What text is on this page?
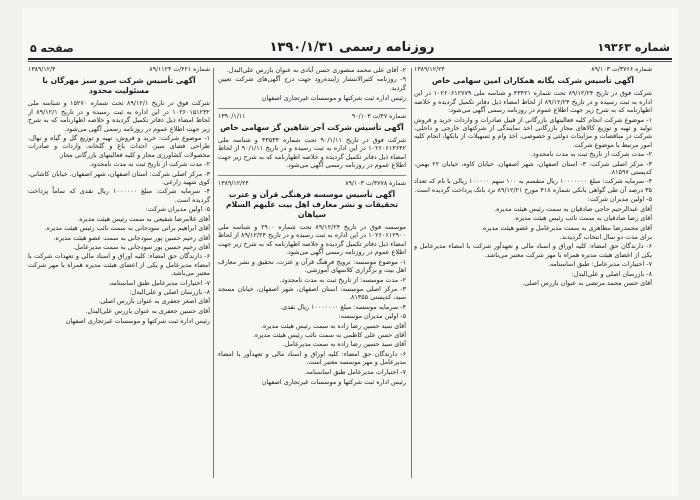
صفحه ۵	روزنامه رسمی ۱۳۹۰/۱/۳۱	شماره ۱۹۳۶۳
شماره ۳۷۶۶/ت ۸۹/۱۰۳
۱۳۸۹/۱۲/۲۴
آگهی تأسیس شرکت یگانه همکاران امین سهامی خاص

شرکت فوق در تاریخ ۸۹/۱۲/۲۴ تحت شماره ۴۳۴۲۱ و شناسه ملی ۱۰۲۶۰۶۱۲۷۷۹ در این اداره به ثبت رسیده و در تاریخ ۸۹/۱۲/۲۴ از لحاظ امضاء ذیل دفاتر تکمیل گردیده و خلاصه اظهارنامه که به شرح زیر جهت اطلاع عموم در روزنامه رسمی آگهی می‌شود:

۱- موضوع شرکت انجام کلیه فعالیتهای بازرگانی از قبیل صادرات و واردات خرید و فروش تولید و تهیه و توزیع کالاهای مجاز بازرگانی اخذ نمایندگی از شرکتهای خارجی و داخلی، شرکت در مناقصات و مزایدات دولتی و خصوصی، اخذ وام و تسهیلات از بانکها، انجام کلیه امور مرتبط با موضوع شرکت.

۲- مدت شرکت از تاریخ ثبت به مدت نامحدود.

۳- مرکز اصلی شرکت: ۳- استان اصفهان، شهر اصفهان، خیابان کاوه، خیابان ۲۲ بهمن، کدپستی ۸۱۵۹۷.

۴- سرمایه شرکت: مبلغ ۱۰۰۰۰۰۰۰ ریال منقسم به ۱۰۰ سهم ۱۰۰۰۰۰ ریالی با نام که تعداد ۳۵ درصد آن طی گواهی بانکی شماره ۴۱۸ مورخ ۸۹/۱۲/۲۱ نزد بانک پرداخت گردیده است.

۵- اولین مدیران شرکت:

آقای عبدالرحیم حاجی صادقیان به سمت رئیس هیئت مدیره.

آقای رضا صادقیان به سمت نائب رئیس هیئت مدیره.

آقای محمدرضا مظاهری به سمت مدیرعامل و عضو هیئت مدیره.

برای مدت دو سال انتخاب گردیدند.

۶- دارندگان حق امضاء: کلیه اوراق و اسناد مالی و تعهدآور شرکت با امضاء مدیرعامل و یکی از اعضای هیئت مدیره همراه با مهر شرکت معتبر می‌باشد.

۷- اختیارات مدیرعامل: طبق اساسنامه.

۸- بازرسان اصلی و علی‌البدل:

آقای حسن محمد مرتضی به عنوان بازرس اصلی.

۲- آقای علی محمد منصوری حسن آبادی به عنوان بازرس علی‌البدل.

۹- روزنامه کثیرالانتشار زاینده‌رود جهت درج آگهی‌های شرکت تعیین گردید.

رئیس اداره ثبت شرکتها و موسسات غیرتجاری اصفهان

شماره ۴۷/ت ۹۰/۱۰۳
۱۳۹۰/۱/۱۱
آگهی تأسیس شرکت آجر شاهین گز سهامی خاص

شرکت فوق در تاریخ ۹۰/۱/۱۱ تحت شماره ۴۳۵۳۴ و شناسه ملی ۱۰۲۶۰۶۱۳۶۴۲ در این اداره به ثبت رسیده و در تاریخ ۹۰/۱/۱۱ از لحاظ امضاء ذیل دفاتر تکمیل گردیده و خلاصه اظهارنامه که به شرح زیر جهت اطلاع عموم در روزنامه رسمی آگهی می‌شود.

شماره ۴۷۷۸/ت ۸۹/۱۰۳
۱۳۸۹/۱۲/۲۴
آگهی تأسیس موسسه فرهنگی قرآن و عترت تحقیقات و نشر معارف اهل بیت علیهم السلام سپاهان

موسسه فوق در تاریخ ۸۹/۱۲/۲۴ تحت شماره ۲۹۰۰ و شناسه ملی ۱۰۲۶۰۶۱۲۹۰۰ در این اداره به ثبت رسیده و در تاریخ ۸۹/۱۲/۲۴ از لحاظ امضاء ذیل دفاتر تکمیل گردیده و خلاصه اظهارنامه که به شرح زیر جهت اطلاع عموم در روزنامه رسمی آگهی می‌شود.

۱- موضوع موسسه: ترویج فرهنگ قرآن و عترت، تحقیق و نشر معارف اهل بیت و برگزاری کلاسهای آموزشی.

۲- مدت موسسه: از تاریخ ثبت به مدت نامحدود.

۳- مرکز اصلی موسسه: استان اصفهان، شهر اصفهان، خیابان مسجد سید، کدپستی ۸۱۳۵۵.

۴- سرمایه موسسه: مبلغ ۱۰۰۰۰۰۰۰ ریال نقدی.

۵- اولین مدیران موسسه:

آقای سید حسین رضا زاده به سمت رئیس هیئت مدیره.

آقای حسن علی کاظمی به سمت نائب رئیس هیئت مدیره.

آقای سید حسین رضا زاده به سمت مدیرعامل.

۶- دارندگان حق امضاء: کلیه اوراق و اسناد مالی و تعهدآور با امضاء مدیرعامل و مهر موسسه معتبر است.

۷- اختیارات مدیرعامل طبق اساسنامه.

رئیس اداره ثبت شرکتها و موسسات غیرتجاری اصفهان

شماره ۴۲۱/ت ۸۹/۱۱۲۳
۱۳۸۹/۱۲/۴
آگهی تأسیس شرکت سرو سبز مهرگان با مسئولیت محدود

شرکت فوق در تاریخ ۸۹/۱۲/۱ تحت شماره ۱۵۲۷۰ و شناسه ملی ۱۰۲۶۰۱۵۱۲۳۲ در این اداره به ثبت رسیده و در تاریخ ۸۹/۱۲/۱ از لحاظ امضاء ذیل دفاتر تکمیل گردیده و خلاصه اظهارنامه که به شرح زیر جهت اطلاع عموم در روزنامه رسمی آگهی می‌شود.

۱- موضوع شرکت: خرید و فروش، تهیه و توزیع گل و گیاه و نهال، طراحی فضای سبز، احداث باغ و گلخانه، واردات و صادرات محصولات کشاورزی مجاز و کلیه فعالیتهای بازرگانی مجاز.

۲- مدت شرکت از تاریخ ثبت به مدت نامحدود.

۳- مرکز اصلی شرکت: استان اصفهان، شهر اصفهان، خیابان کاشانی، کوی شهید زارعی.

۴- سرمایه شرکت: مبلغ ۱۰۰۰۰۰۰ ریال نقدی که تماماً پرداخت گردیده است.

۵- اولین مدیران شرکت:

آقای غلامرضا شفیعی به سمت رئیس هیئت مدیره.

آقای ابراهیم براتی سودجانی به سمت نائب رئیس هیئت مدیره.

آقای رحیم حسین پور سودجانی به سمت عضو هیئت مدیره.

آقای رحیم حسین پور سودجانی به سمت مدیرعامل.

۶- دارندگان حق امضاء: کلیه اوراق و اسناد مالی و تعهدات شرکت با امضاء مدیرعامل و یکی از اعضای هیئت مدیره همراه با مهر شرکت معتبر می‌باشد.

۷- اختیارات مدیرعامل طبق اساسنامه.

۸- بازرسان اصلی و علی‌البدل:

آقای اصغر جعفری به عنوان بازرس اصلی.

آقای حسین جعفری به عنوان بازرس علی‌البدل.

رئیس اداره ثبت شرکتها و موسسات غیرتجاری اصفهان
